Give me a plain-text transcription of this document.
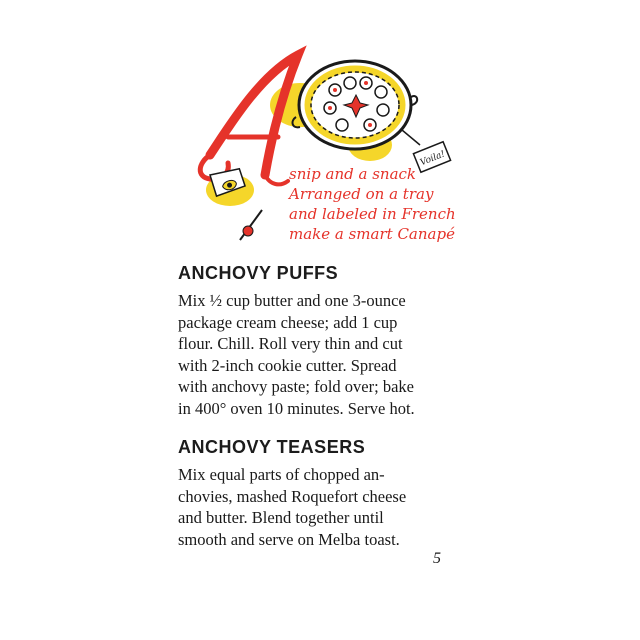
Voila!
snip and a snack
Arranged on a tray
and labeled in French
make a smart Canapé
ANCHOVY PUFFS

Mix ½ cup butter and one 3-ounce

package cream cheese; add 1 cup

flour. Chill. Roll very thin and cut

with 2-inch cookie cutter. Spread

with anchovy paste; fold over; bake

in 400° oven 10 minutes. Serve hot.

ANCHOVY TEASERS

Mix equal parts of chopped an-

chovies, mashed Roquefort cheese

and butter. Blend together until

smooth and serve on Melba toast.

5
